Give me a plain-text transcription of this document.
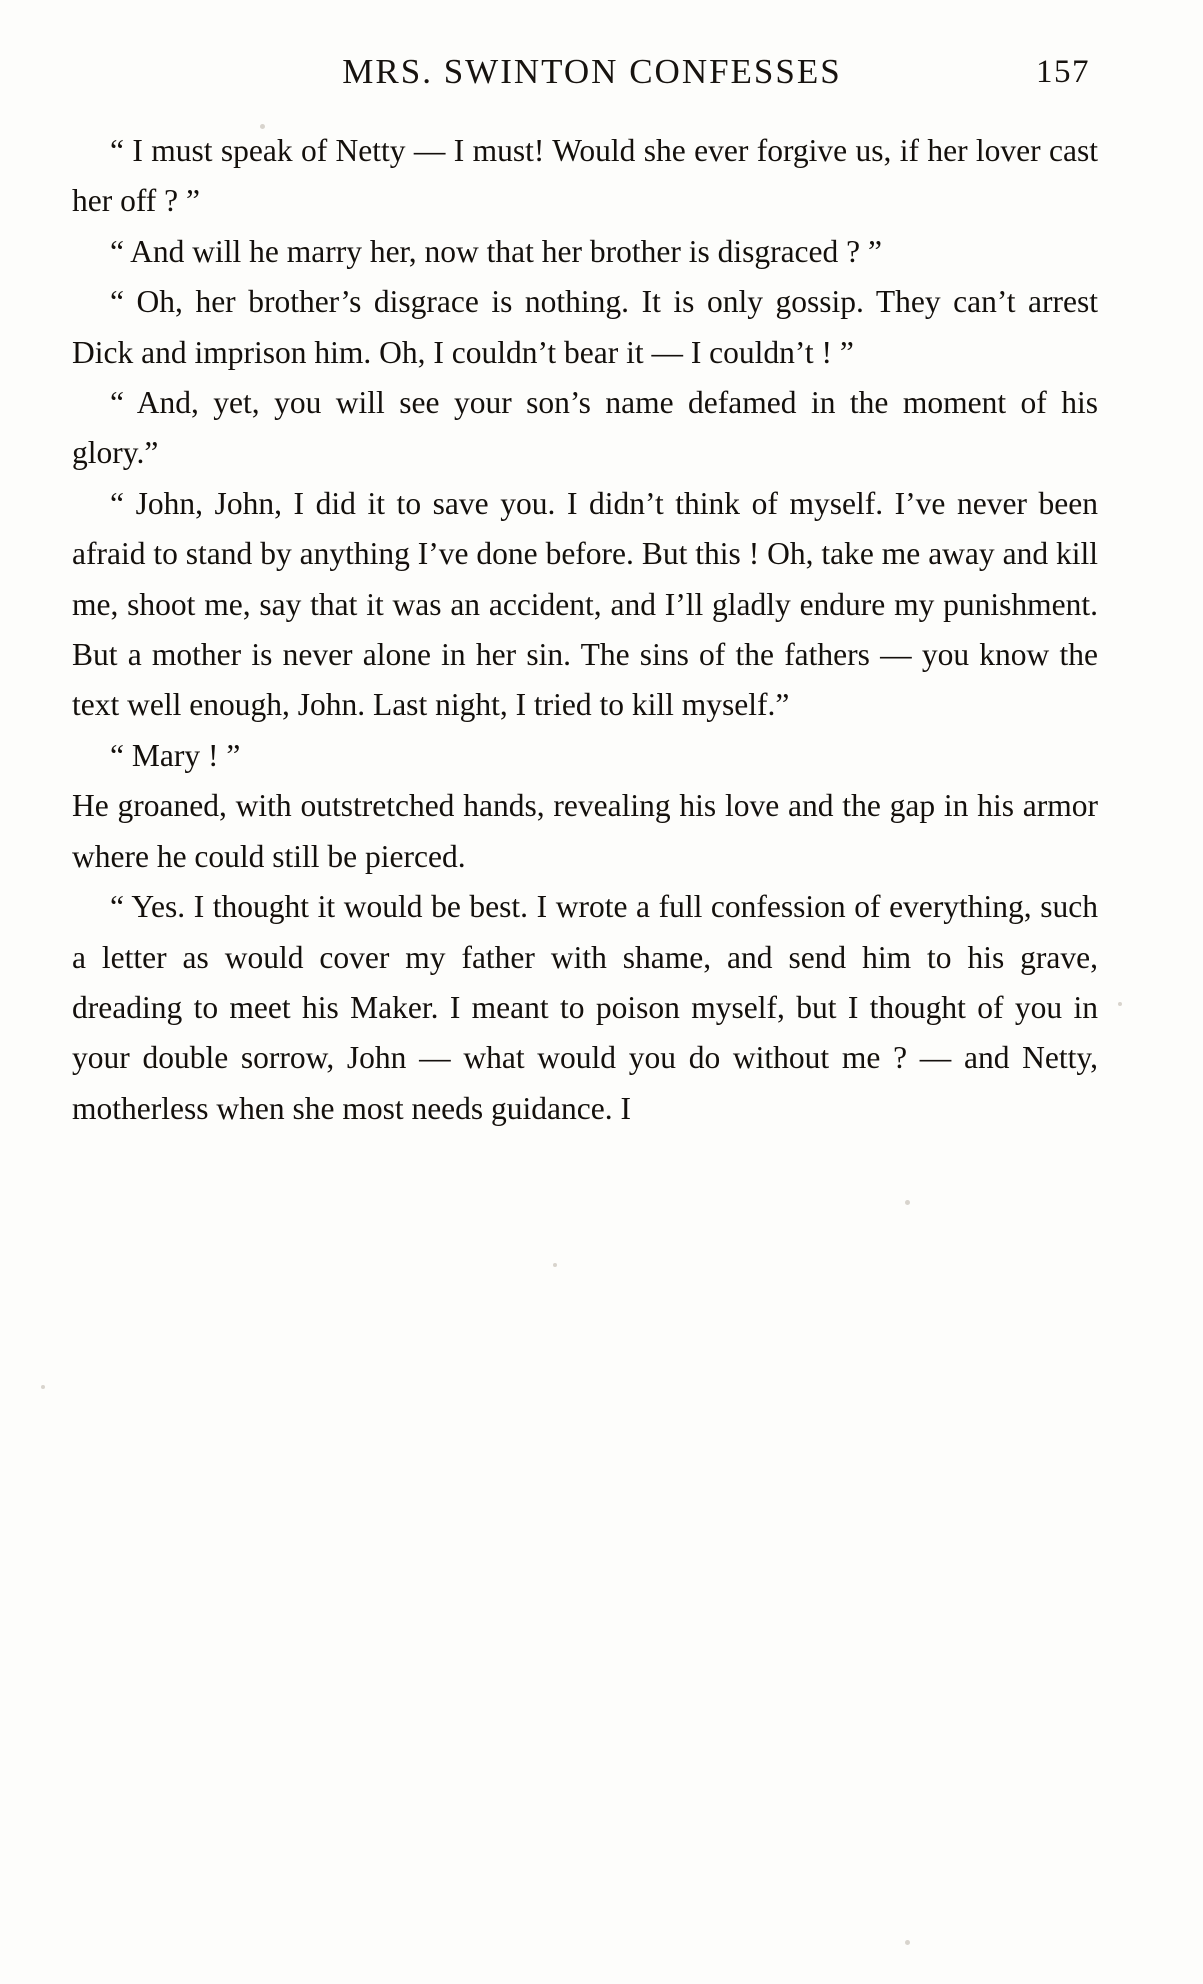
MRS. SWINTON CONFESSES	157

“ I must speak of Netty — I must! Would she ever forgive us, if her lover cast her off ? ”

“ And will he marry her, now that her brother is disgraced ? ”

“ Oh, her brother’s disgrace is nothing. It is only gossip. They can’t arrest Dick and imprison him. Oh, I couldn’t bear it — I couldn’t ! ”

“ And, yet, you will see your son’s name defamed in the moment of his glory.”

“ John, John, I did it to save you. I didn’t think of myself. I’ve never been afraid to stand by anything I’ve done before. But this ! Oh, take me away and kill me, shoot me, say that it was an accident, and I’ll gladly endure my punishment. But a mother is never alone in her sin. The sins of the fathers — you know the text well enough, John. Last night, I tried to kill myself.”

“ Mary ! ”

He groaned, with outstretched hands, revealing his love and the gap in his armor where he could still be pierced.

“ Yes. I thought it would be best. I wrote a full confession of everything, such a letter as would cover my father with shame, and send him to his grave, dreading to meet his Maker. I meant to poison myself, but I thought of you in your double sorrow, John — what would you do without me ? — and Netty, motherless when she most needs guidance. I
